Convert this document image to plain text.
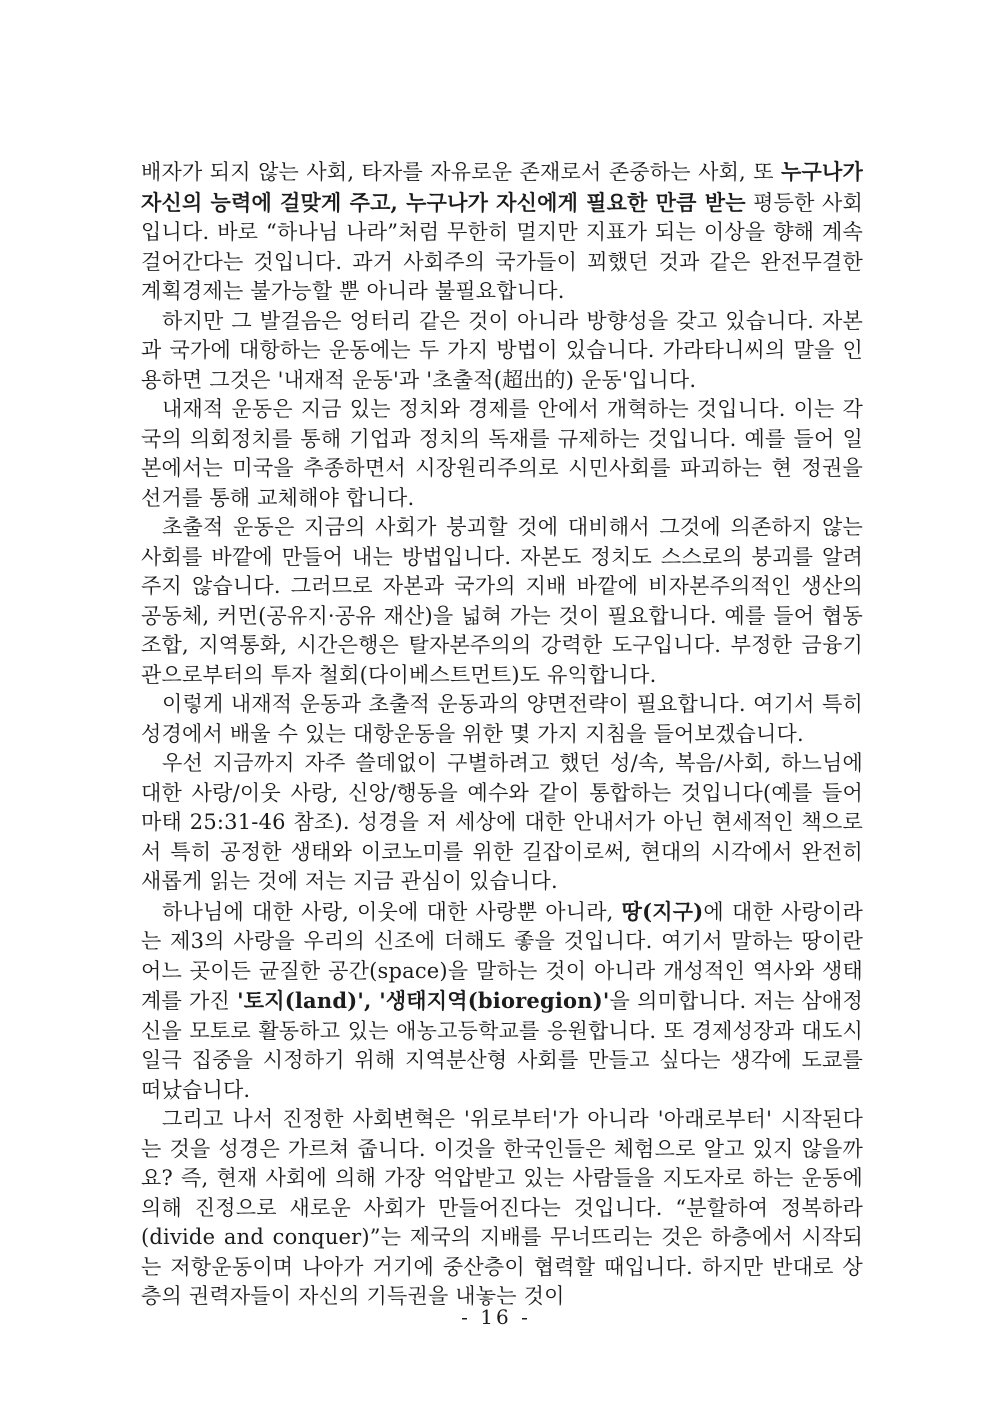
배자가 되지 않는 사회, 타자를 자유로운 존재로서 존중하는 사회, 또 누구나가 자신의 능력에 걸맞게 주고, 누구나가 자신에게 필요한 만큼 받는 평등한 사회입니다. 바로 “하나님 나라”처럼 무한히 멀지만 지표가 되는 이상을 향해 계속 걸어간다는 것입니다. 과거 사회주의 국가들이 꾀했던 것과 같은 완전무결한 계획경제는 불가능할 뿐 아니라 불필요합니다.

하지만 그 발걸음은 엉터리 같은 것이 아니라 방향성을 갖고 있습니다. 자본과 국가에 대항하는 운동에는 두 가지 방법이 있습니다. 가라타니씨의 말을 인용하면 그것은 '내재적 운동'과 '초출적(超出的) 운동'입니다.

내재적 운동은 지금 있는 정치와 경제를 안에서 개혁하는 것입니다. 이는 각국의 의회정치를 통해 기업과 정치의 독재를 규제하는 것입니다. 예를 들어 일본에서는 미국을 추종하면서 시장원리주의로 시민사회를 파괴하는 현 정권을 선거를 통해 교체해야 합니다.

초출적 운동은 지금의 사회가 붕괴할 것에 대비해서 그것에 의존하지 않는 사회를 바깥에 만들어 내는 방법입니다. 자본도 정치도 스스로의 붕괴를 알려주지 않습니다. 그러므로 자본과 국가의 지배 바깥에 비자본주의적인 생산의 공동체, 커먼(공유지·공유 재산)을 넓혀 가는 것이 필요합니다. 예를 들어 협동조합, 지역통화, 시간은행은 탈자본주의의 강력한 도구입니다. 부정한 금융기관으로부터의 투자 철회(다이베스트먼트)도 유익합니다.

이렇게 내재적 운동과 초출적 운동과의 양면전략이 필요합니다. 여기서 특히 성경에서 배울 수 있는 대항운동을 위한 몇 가지 지침을 들어보겠습니다.

우선 지금까지 자주 쓸데없이 구별하려고 했던 성/속, 복음/사회, 하느님에 대한 사랑/이웃 사랑, 신앙/행동을 예수와 같이 통합하는 것입니다(예를 들어 마태 25:31-46 참조). 성경을 저 세상에 대한 안내서가 아닌 현세적인 책으로서 특히 공정한 생태와 이코노미를 위한 길잡이로써, 현대의 시각에서 완전히 새롭게 읽는 것에 저는 지금 관심이 있습니다.

하나님에 대한 사랑, 이웃에 대한 사랑뿐 아니라, 땅(지구)에 대한 사랑이라는 제3의 사랑을 우리의 신조에 더해도 좋을 것입니다. 여기서 말하는 땅이란 어느 곳이든 균질한 공간(space)을 말하는 것이 아니라 개성적인 역사와 생태계를 가진 '토지(land)', '생태지역(bioregion)'을 의미합니다. 저는 삼애정신을 모토로 활동하고 있는 애농고등학교를 응원합니다. 또 경제성장과 대도시 일극 집중을 시정하기 위해 지역분산형 사회를 만들고 싶다는 생각에 도쿄를 떠났습니다.

그리고 나서 진정한 사회변혁은 '위로부터'가 아니라 '아래로부터' 시작된다는 것을 성경은 가르쳐 줍니다. 이것을 한국인들은 체험으로 알고 있지 않을까요? 즉, 현재 사회에 의해 가장 억압받고 있는 사람들을 지도자로 하는 운동에 의해 진정으로 새로운 사회가 만들어진다는 것입니다. “분할하여 정복하라(divide and conquer)”는 제국의 지배를 무너뜨리는 것은 하층에서 시작되는 저항운동이며 나아가 거기에 중산층이 협력할 때입니다. 하지만 반대로 상층의 권력자들이 자신의 기득권을 내놓는 것이

- 16 -
